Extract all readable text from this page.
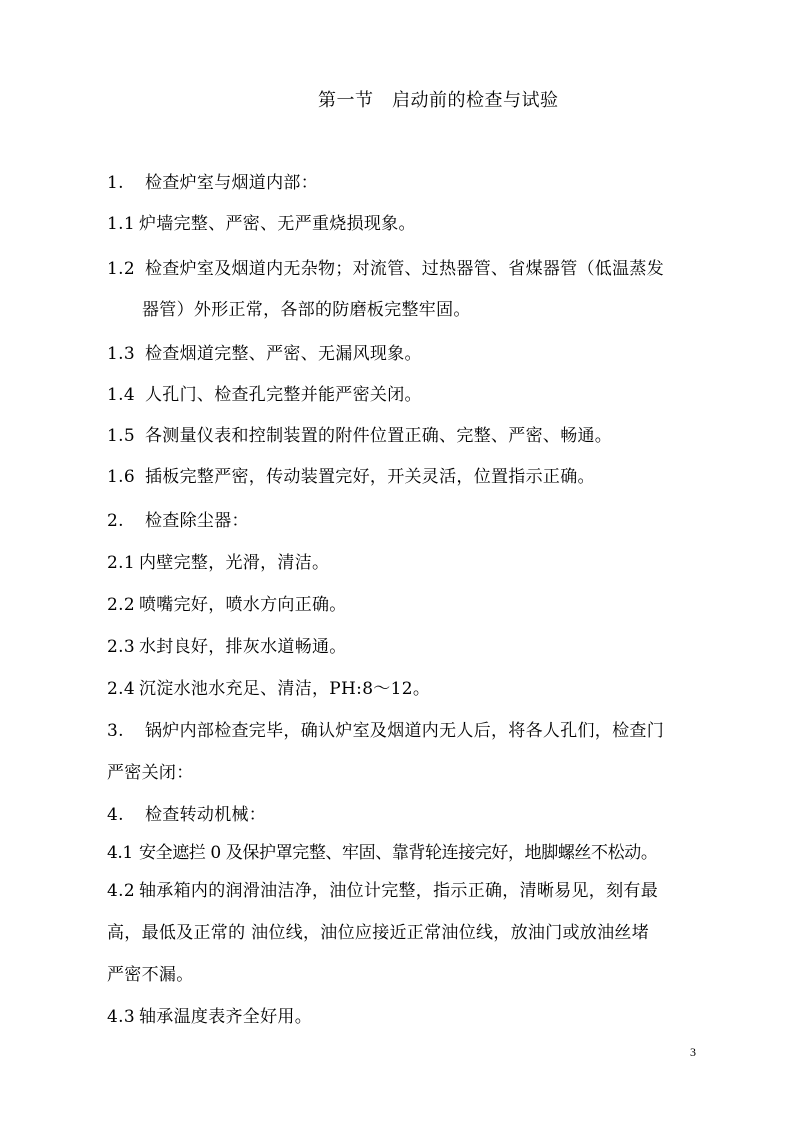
第一节　启动前的检查与试验
1. 检查炉室与烟道内部：
1.1 炉墙完整、严密、无严重烧损现象。
1.2 检查炉室及烟道内无杂物；对流管、过热器管、省煤器管（低温蒸发
器管）外形正常，各部的防磨板完整牢固。
1.3 检查烟道完整、严密、无漏风现象。
1.4 人孔门、检查孔完整并能严密关闭。
1.5 各测量仪表和控制装置的附件位置正确、完整、严密、畅通。
1.6 插板完整严密，传动装置完好，开关灵活，位置指示正确。
2. 检查除尘器：
2.1 内壁完整，光滑，清洁。
2.2 喷嘴完好，喷水方向正确。
2.3 水封良好，排灰水道畅通。
2.4 沉淀水池水充足、清洁，PH:8～12。
3. 锅炉内部检查完毕，确认炉室及烟道内无人后，将各人孔们，检查门
严密关闭：
4. 检查转动机械：
4.1 安全遮拦 0 及保护罩完整、牢固、靠背轮连接完好，地脚螺丝不松动。
4.2 轴承箱内的润滑油洁净，油位计完整，指示正确，清晰易见，刻有最
高，最低及正常的 油位线，油位应接近正常油位线，放油门或放油丝堵
严密不漏。
4.3 轴承温度表齐全好用。
3
